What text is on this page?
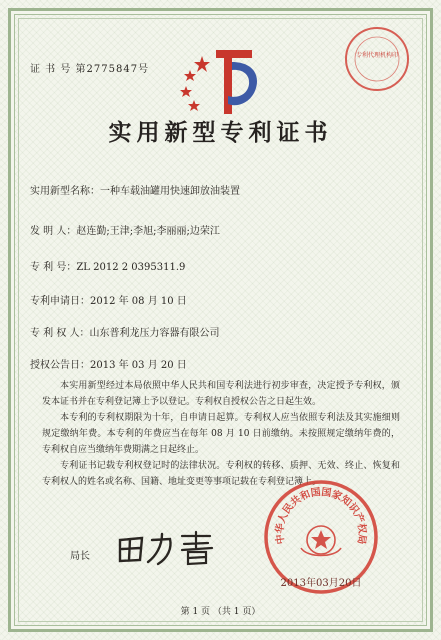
证 书 号 第2775847号
专利代理机构印
实用新型专利证书
实用新型名称：一种车载油罐用快速卸放油装置
发 明 人：赵连勤;王津;李旭;李丽丽;边荣江
专 利 号：ZL 2012 2 0395311.9
专利申请日：2012 年 08 月 10 日
专 利 权 人：山东普利龙压力容器有限公司
授权公告日：2013 年 03 月 20 日

本实用新型经过本局依照中华人民共和国专利法进行初步审查，决定授予专利权，颁发本证书并在专利登记簿上予以登记。专利权自授权公告之日起生效。

本专利的专利权期限为十年，自申请日起算。专利权人应当依照专利法及其实施细则规定缴纳年费。本专利的年费应当在每年 08 月 10 日前缴纳。未按照规定缴纳年费的，专利权自应当缴纳年费期满之日起终止。

专利证书记载专利权登记时的法律状况。专利权的转移、质押、无效、终止、恢复和专利权人的姓名或名称、国籍、地址变更等事项记载在专利登记簿上。

局长
中华人民共和国国家知识产权局
2013年03月20日
第 1 页 （共 1 页）
